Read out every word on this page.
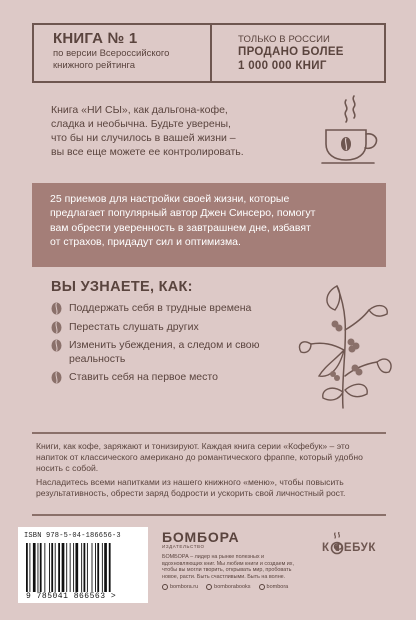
КНИГА № 1
по версии Всероссийского
книжного рейтинга
ТОЛЬКО В РОССИИ
ПРОДАНО БОЛЕЕ
1 000 000 КНИГ
Книга «НИ СЫ», как дальгона-кофе,
сладка и необычна. Будьте уверены,
что бы ни случилось в вашей жизни –
вы все еще можете ее контролировать.
25 приемов для настройки своей жизни, которые
предлагает популярный автор Джен Синсеро, помогут
вам обрести уверенность в завтрашнем дне, избавят
от страхов, придадут сил и оптимизма.
ВЫ УЗНАЕТЕ, КАК:
Поддержать себя в трудные времена
Перестать слушать других
Изменить убеждения, а следом и свою реальность
Ставить себя на первое место

Книги, как кофе, заряжают и тонизируют. Каждая книга серии «Кофебук» – это напиток от классического американо до романтического фраппе, который удобно носить с собой.

Насладитесь всеми напитками из нашего книжного «меню», чтобы повысить результативность, обрести заряд бодрости и ускорить свой личностный рост.

ISBN 978-5-04-186656-3
9 785041 866563 >
БОМБОРА
ИЗДАТЕЛЬСТВО
БОМБОРА – лидер на рынке полезных и вдохновляющих книг. Мы любим книги и создаем их, чтобы вы могли творить, открывать мир, пробовать новое, расти. Быть счастливыми. Быть на волне.
bombora.ru	bomborabooks	bombora
К ФЕБУК
